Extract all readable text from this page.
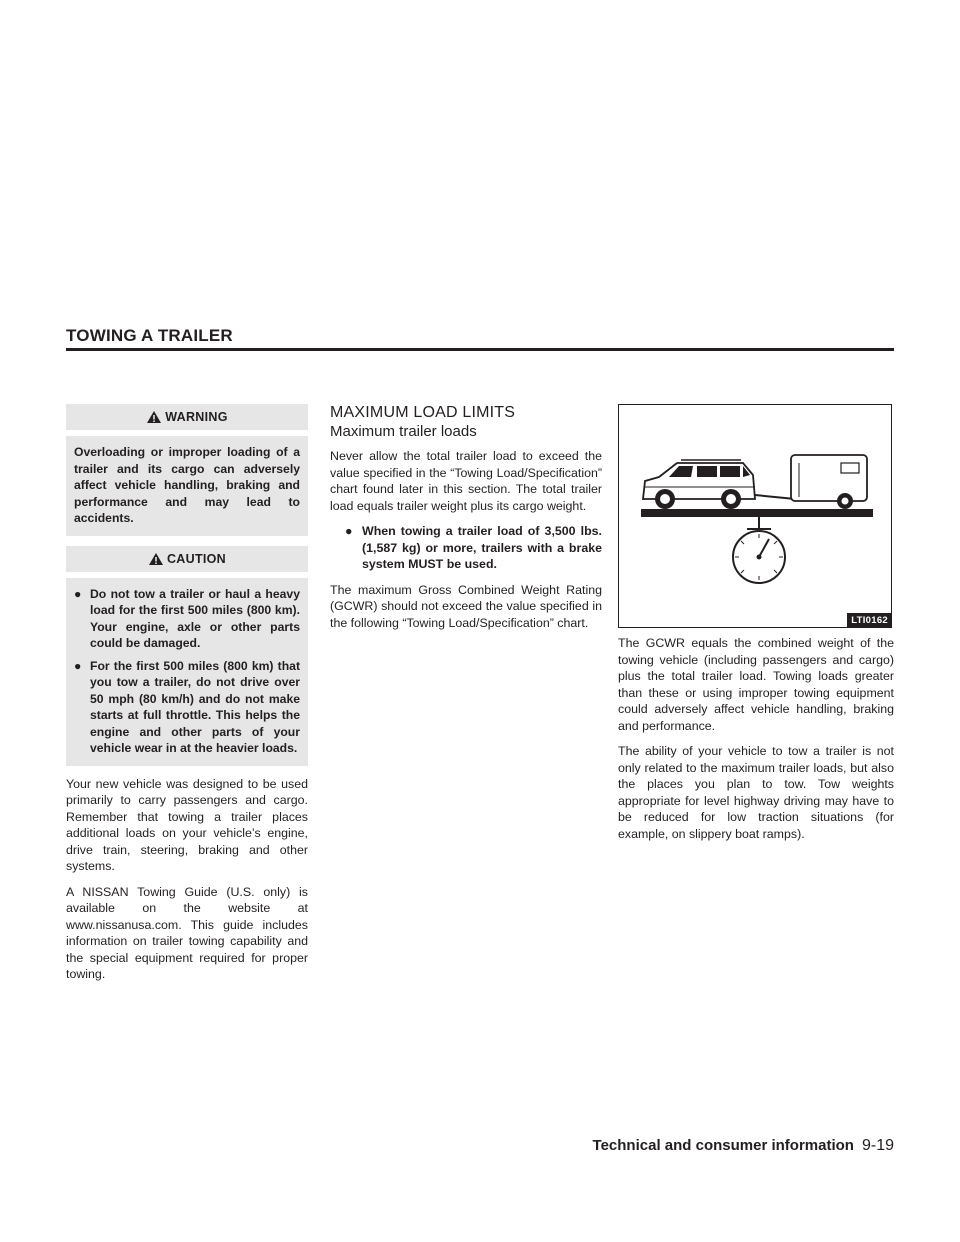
TOWING A TRAILER
WARNING

Overloading or improper loading of a trailer and its cargo can adversely affect vehicle handling, braking and performance and may lead to accidents.

CAUTION
● Do not tow a trailer or haul a heavy load for the first 500 miles (800 km). Your engine, axle or other parts could be damaged.
● For the first 500 miles (800 km) that you tow a trailer, do not drive over 50 mph (80 km/h) and do not make starts at full throttle. This helps the engine and other parts of your vehicle wear in at the heavier loads.

Your new vehicle was designed to be used primarily to carry passengers and cargo. Remember that towing a trailer places additional loads on your vehicle’s engine, drive train, steering, braking and other systems.

A NISSAN Towing Guide (U.S. only) is available on the website at www.nissanusa.com. This guide includes information on trailer towing capability and the special equipment required for proper towing.

MAXIMUM LOAD LIMITS
Maximum trailer loads

Never allow the total trailer load to exceed the value specified in the “Towing Load/Specification” chart found later in this section. The total trailer load equals trailer weight plus its cargo weight.

● When towing a trailer load of 3,500 lbs. (1,587 kg) or more, trailers with a brake system MUST be used.

The maximum Gross Combined Weight Rating (GCWR) should not exceed the value specified in the following “Towing Load/Specification” chart.	LTI0162

The GCWR equals the combined weight of the towing vehicle (including passengers and cargo) plus the total trailer load. Towing loads greater than these or using improper towing equipment could adversely affect vehicle handling, braking and performance.

The ability of your vehicle to tow a trailer is not only related to the maximum trailer loads, but also the places you plan to tow. Tow weights appropriate for level highway driving may have to be reduced for low traction situations (for example, on slippery boat ramps).

Technical and consumer information 9-19
